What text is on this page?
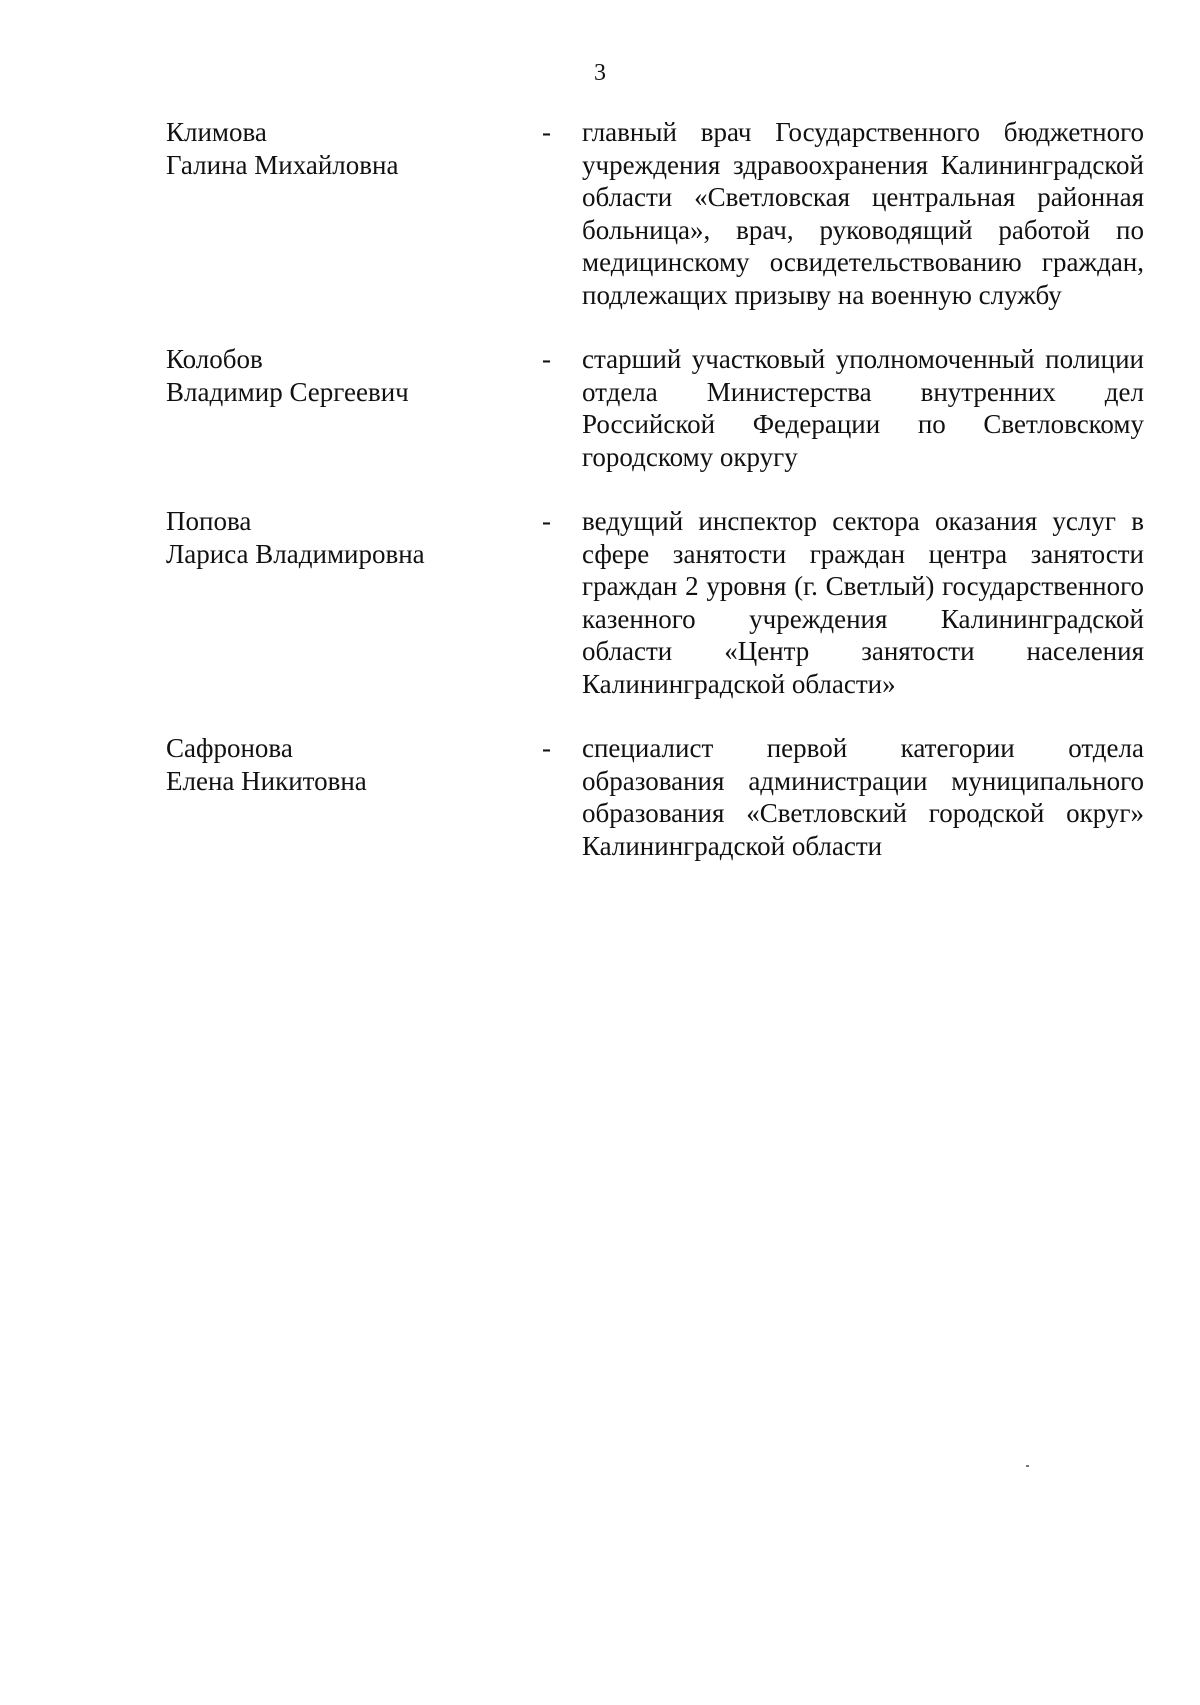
3
Климова
Галина Михайловна
-	главный врач Государственного бюджетного учреждения здравоохранения Калининградской области «Светловская центральная районная больница», врач, руководящий работой по медицинскому освидетельствованию граждан, подлежащих призыву на военную службу
Колобов
Владимир Сергеевич
-	старший участковый уполномоченный полиции отдела Министерства внутренних дел Российской Федерации по Светловскому городскому округу
Попова
Лариса Владимировна
-	ведущий инспектор сектора оказания услуг в сфере занятости граждан центра занятости граждан 2 уровня (г. Светлый) государственного казенного учреждения Калининградской области «Центр занятости населения Калининградской области»
Сафронова
Елена Никитовна
-	специалист первой категории отдела образования администрации муниципального образования «Светловский городской округ» Калининградской области
